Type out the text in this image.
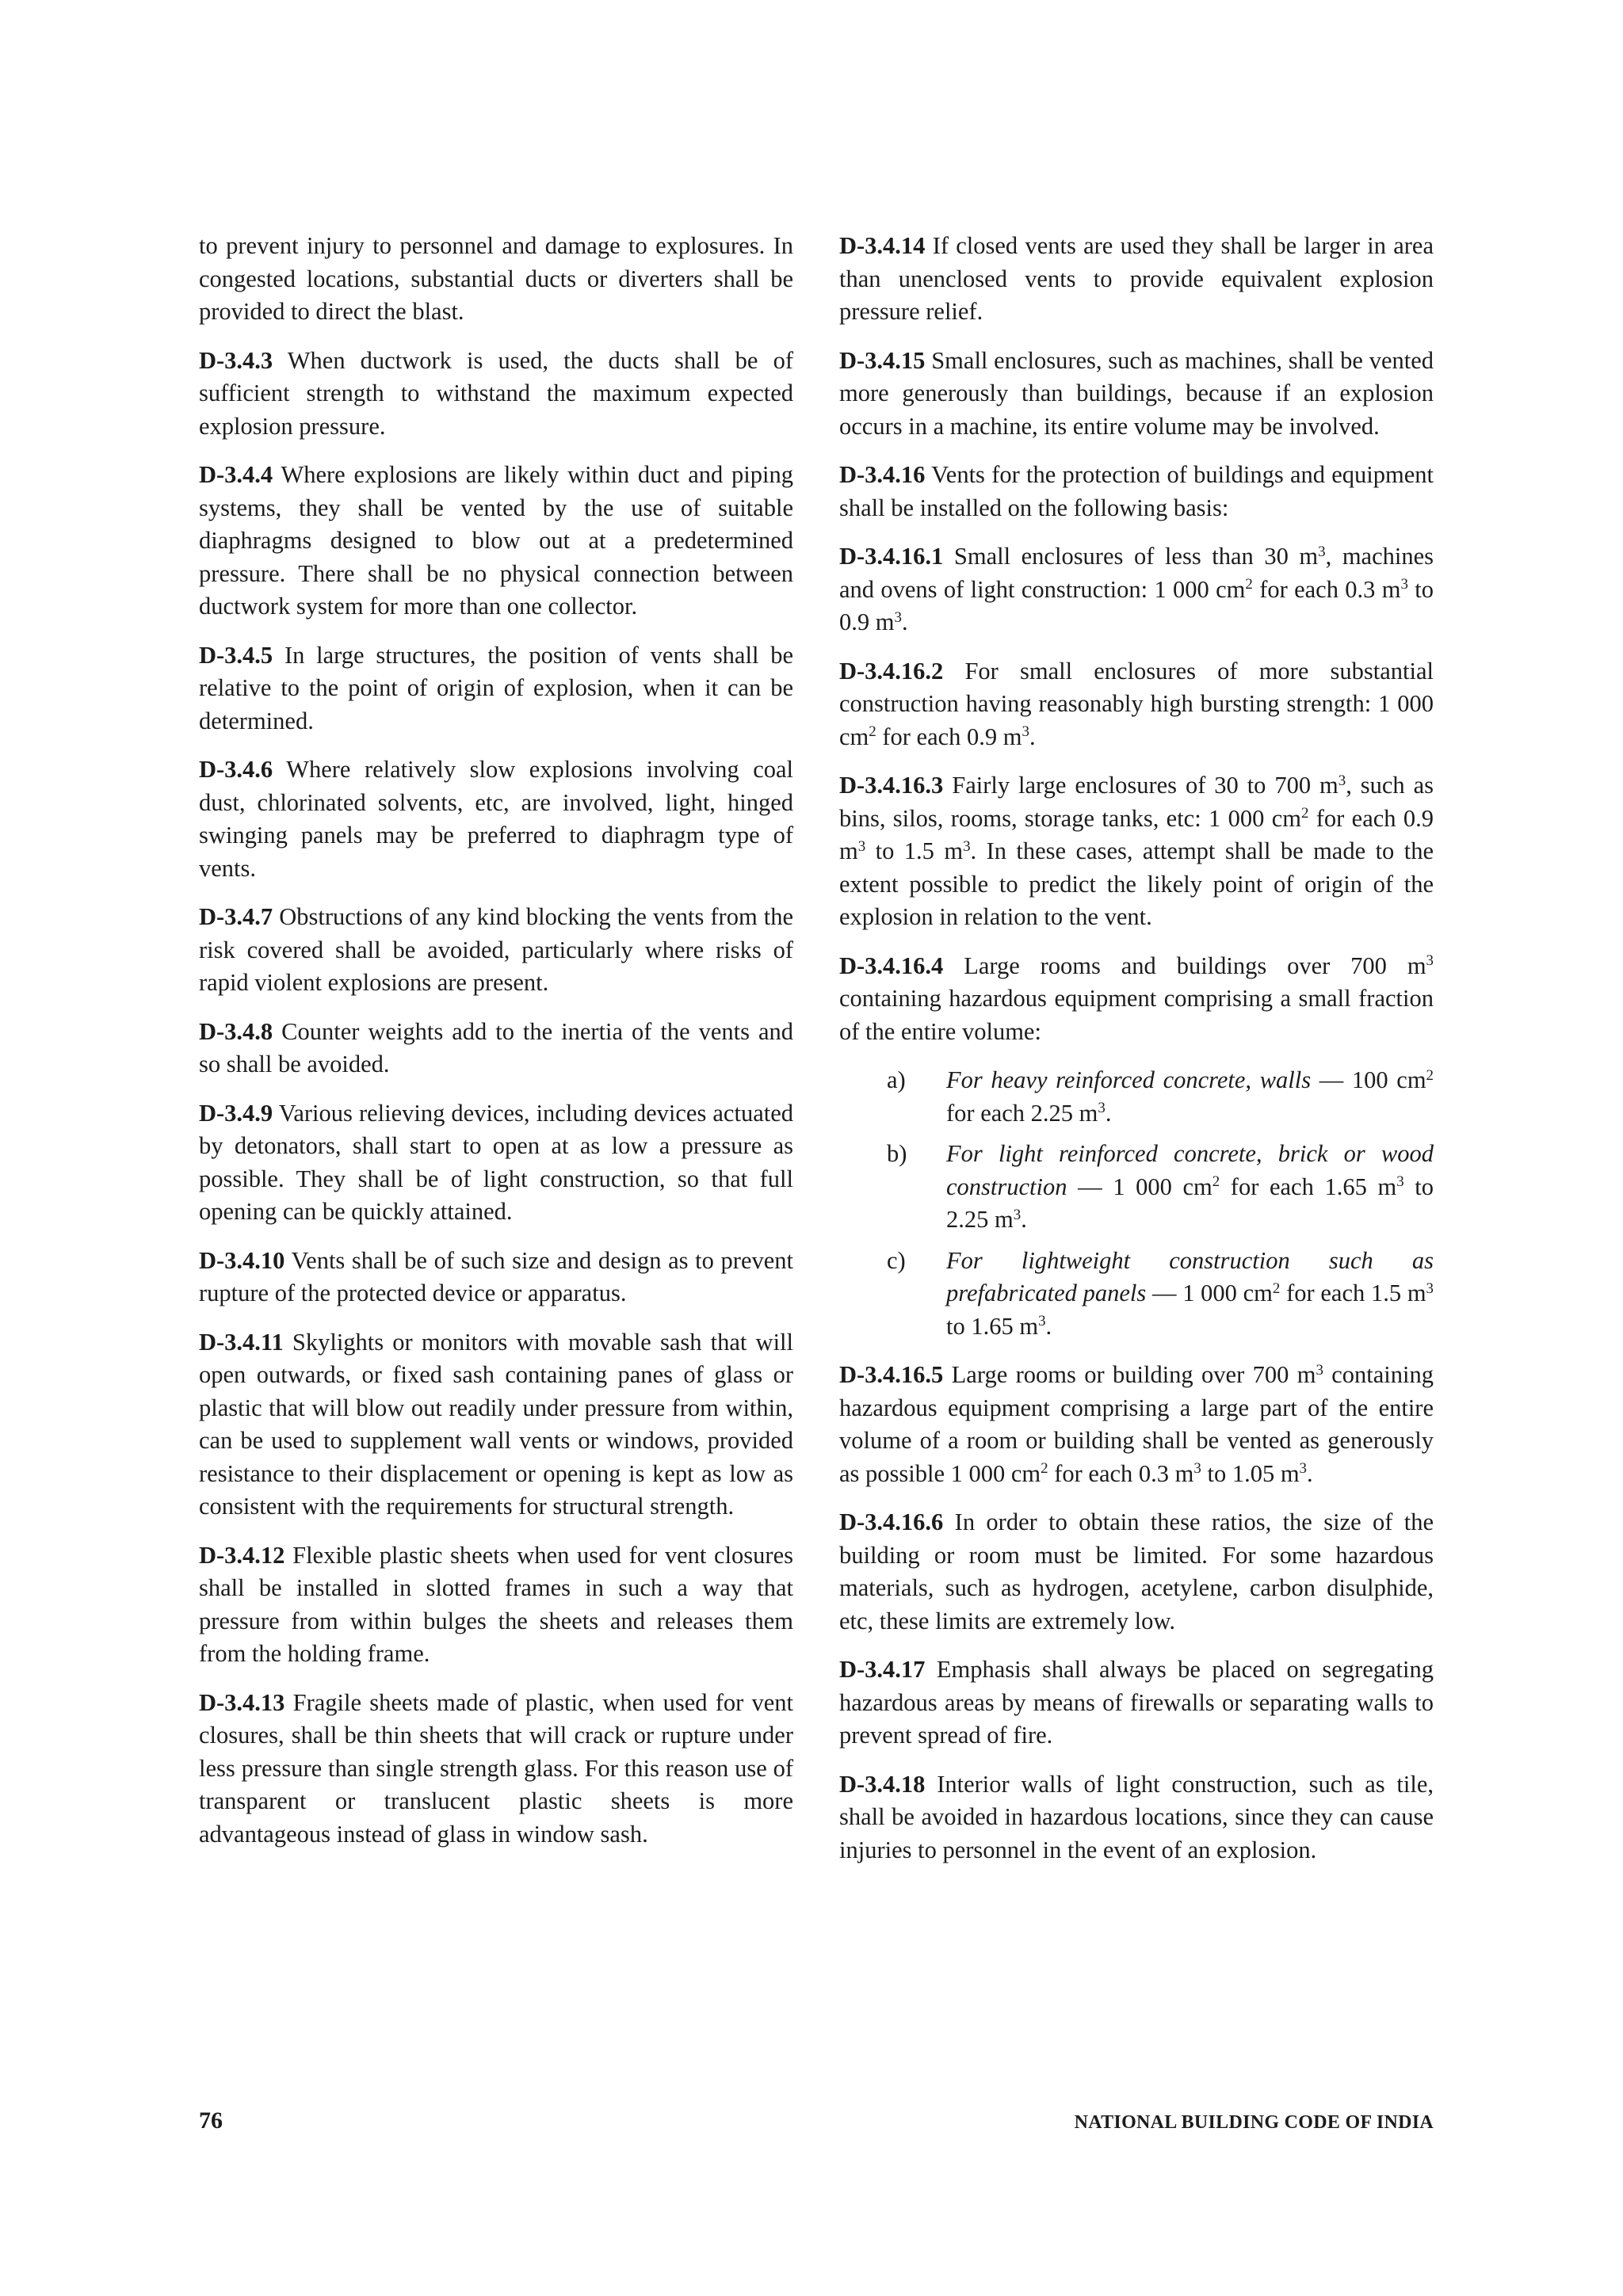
to prevent injury to personnel and damage to explosures. In congested locations, substantial ducts or diverters shall be provided to direct the blast.

D-3.4.3 When ductwork is used, the ducts shall be of sufficient strength to withstand the maximum expected explosion pressure.

D-3.4.4 Where explosions are likely within duct and piping systems, they shall be vented by the use of suitable diaphragms designed to blow out at a predetermined pressure. There shall be no physical connection between ductwork system for more than one collector.

D-3.4.5 In large structures, the position of vents shall be relative to the point of origin of explosion, when it can be determined.

D-3.4.6 Where relatively slow explosions involving coal dust, chlorinated solvents, etc, are involved, light, hinged swinging panels may be preferred to diaphragm type of vents.

D-3.4.7 Obstructions of any kind blocking the vents from the risk covered shall be avoided, particularly where risks of rapid violent explosions are present.

D-3.4.8 Counter weights add to the inertia of the vents and so shall be avoided.

D-3.4.9 Various relieving devices, including devices actuated by detonators, shall start to open at as low a pressure as possible. They shall be of light construction, so that full opening can be quickly attained.

D-3.4.10 Vents shall be of such size and design as to prevent rupture of the protected device or apparatus.

D-3.4.11 Skylights or monitors with movable sash that will open outwards, or fixed sash containing panes of glass or plastic that will blow out readily under pressure from within, can be used to supplement wall vents or windows, provided resistance to their displacement or opening is kept as low as consistent with the requirements for structural strength.

D-3.4.12 Flexible plastic sheets when used for vent closures shall be installed in slotted frames in such a way that pressure from within bulges the sheets and releases them from the holding frame.

D-3.4.13 Fragile sheets made of plastic, when used for vent closures, shall be thin sheets that will crack or rupture under less pressure than single strength glass. For this reason use of transparent or translucent plastic sheets is more advantageous instead of glass in window sash.

D-3.4.14 If closed vents are used they shall be larger in area than unenclosed vents to provide equivalent explosion pressure relief.

D-3.4.15 Small enclosures, such as machines, shall be vented more generously than buildings, because if an explosion occurs in a machine, its entire volume may be involved.

D-3.4.16 Vents for the protection of buildings and equipment shall be installed on the following basis:

D-3.4.16.1 Small enclosures of less than 30 $m^3$, machines and ovens of light construction: 1 000 $cm^2$ for each 0.3 $m^3$ to 0.9 $m^3$.

D-3.4.16.2 For small enclosures of more substantial construction having reasonably high bursting strength: 1 000 $cm^2$ for each 0.9 $m^3$.

D-3.4.16.3 Fairly large enclosures of 30 to 700 $m^3$, such as bins, silos, rooms, storage tanks, etc: 1 000 $cm^2$ for each 0.9 $m^3$ to 1.5 $m^3$. In these cases, attempt shall be made to the extent possible to predict the likely point of origin of the explosion in relation to the vent.

D-3.4.16.4 Large rooms and buildings over 700 $m^3$ containing hazardous equipment comprising a small fraction of the entire volume:

a)	For heavy reinforced concrete, walls — 100 $cm^2$ for each 2.25 $m^3$.
b)	For light reinforced concrete, brick or wood construction — 1 000 $cm^2$ for each 1.65 $m^3$ to 2.25 $m^3$.
c)	For lightweight construction such as prefabricated panels — 1 000 $cm^2$ for each 1.5 $m^3$ to 1.65 $m^3$.

D-3.4.16.5 Large rooms or building over 700 $m^3$ containing hazardous equipment comprising a large part of the entire volume of a room or building shall be vented as generously as possible 1 000 $cm^2$ for each 0.3 $m^3$ to 1.05 $m^3$.

D-3.4.16.6 In order to obtain these ratios, the size of the building or room must be limited. For some hazardous materials, such as hydrogen, acetylene, carbon disulphide, etc, these limits are extremely low.

D-3.4.17 Emphasis shall always be placed on segregating hazardous areas by means of firewalls or separating walls to prevent spread of fire.

D-3.4.18 Interior walls of light construction, such as tile, shall be avoided in hazardous locations, since they can cause injuries to personnel in the event of an explosion.

76	NATIONAL BUILDING CODE OF INDIA
